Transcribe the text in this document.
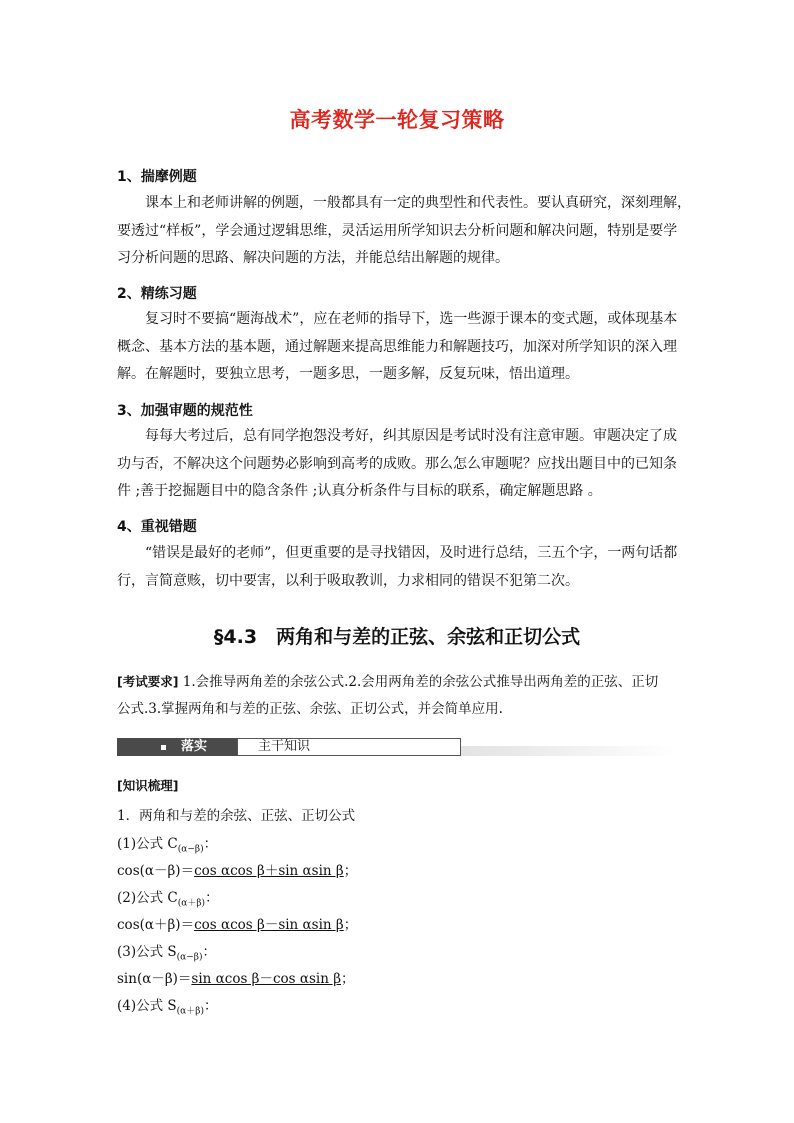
高考数学一轮复习策略
1、揣摩例题
课本上和老师讲解的例题，一般都具有一定的典型性和代表性。要认真研究，深刻理解，
要透过“样板”，学会通过逻辑思维，灵活运用所学知识去分析问题和解决问题，特别是要学
习分析问题的思路、解决问题的方法，并能总结出解题的规律。
2、精练习题
复习时不要搞“题海战术”，应在老师的指导下，选一些源于课本的变式题，或体现基本
概念、基本方法的基本题，通过解题来提高思维能力和解题技巧，加深对所学知识的深入理
解。在解题时，要独立思考，一题多思，一题多解，反复玩味，悟出道理。
3、加强审题的规范性
每每大考过后，总有同学抱怨没考好，纠其原因是考试时没有注意审题。审题决定了成
功与否，不解决这个问题势必影响到高考的成败。那么怎么审题呢？应找出题目中的已知条
件 ;善于挖掘题目中的隐含条件 ;认真分析条件与目标的联系，确定解题思路 。
4、重视错题
“错误是最好的老师”，但更重要的是寻找错因，及时进行总结，三五个字，一两句话都
行，言简意赅，切中要害，以利于吸取教训，力求相同的错误不犯第二次。
§4.3　两角和与差的正弦、余弦和正切公式
[考试要求] 1.会推导两角差的余弦公式.2.会用两角差的余弦公式推导出两角差的正弦、正切
公式.3.掌握两角和与差的正弦、余弦、正切公式，并会简单应用.
落实	主干知识
[知识梳理]
1．两角和与差的余弦、正弦、正切公式
(1)公式 $C_{(\alpha-\beta)}$：
cos(α－β)＝cos αcos β＋sin αsin β；
(2)公式 $C_{(\alpha+\beta)}$：
cos(α＋β)＝cos αcos β－sin αsin β；
(3)公式 $S_{(\alpha-\beta)}$：
sin(α－β)＝sin αcos β－cos αsin β；
(4)公式 $S_{(\alpha+\beta)}$：
